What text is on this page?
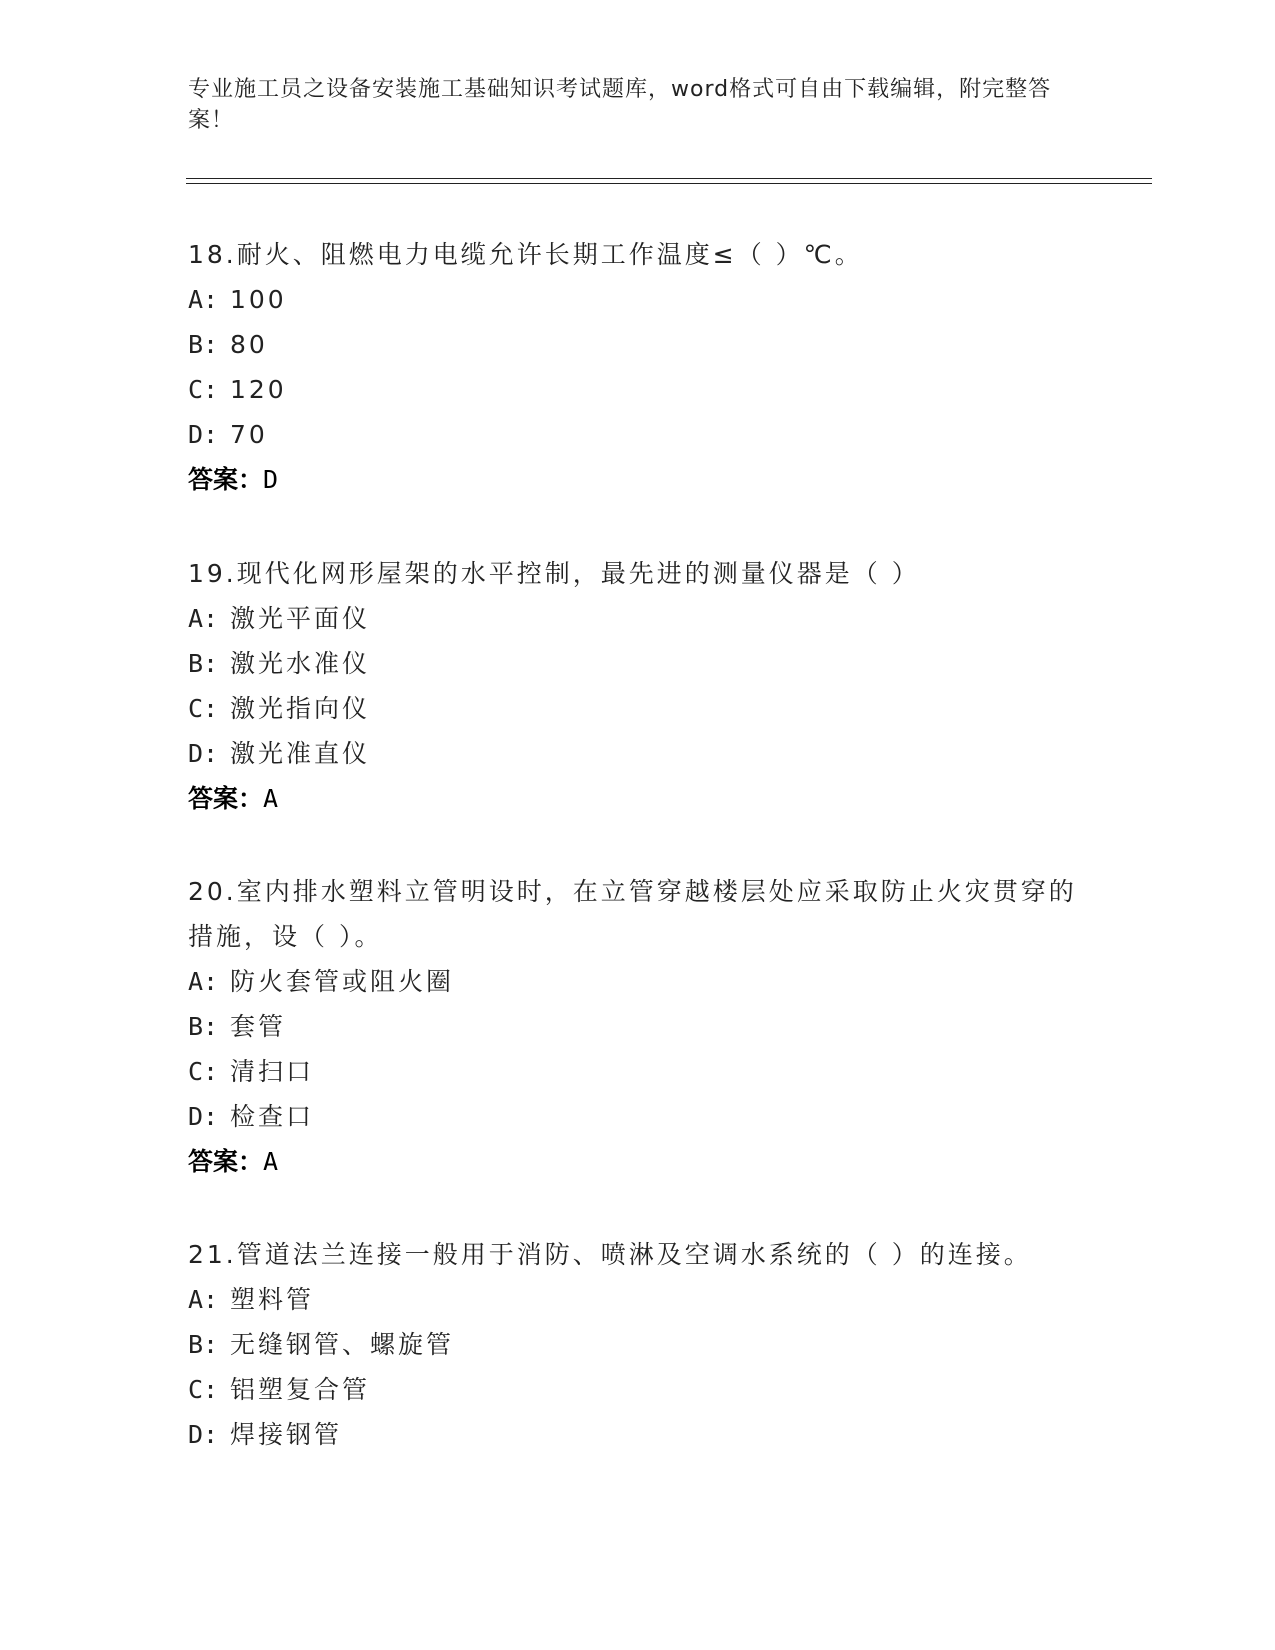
专业施工员之设备安装施工基础知识考试题库，word格式可自由下载编辑，附完整答案！

18.耐火、阻燃电力电缆允许长期工作温度≤（ ）℃。

A: 100
B: 80
C: 120
D: 70
答案：D

19.现代化网形屋架的水平控制，最先进的测量仪器是（ ）

A: 激光平面仪
B: 激光水准仪
C: 激光指向仪
D: 激光准直仪
答案：A

20.室内排水塑料立管明设时，在立管穿越楼层处应采取防止火灾贯穿的措施，设（ ）。

A: 防火套管或阻火圈
B: 套管
C: 清扫口
D: 检查口
答案：A

21.管道法兰连接一般用于消防、喷淋及空调水系统的（ ）的连接。

A: 塑料管
B: 无缝钢管、螺旋管
C: 铝塑复合管
D: 焊接钢管
